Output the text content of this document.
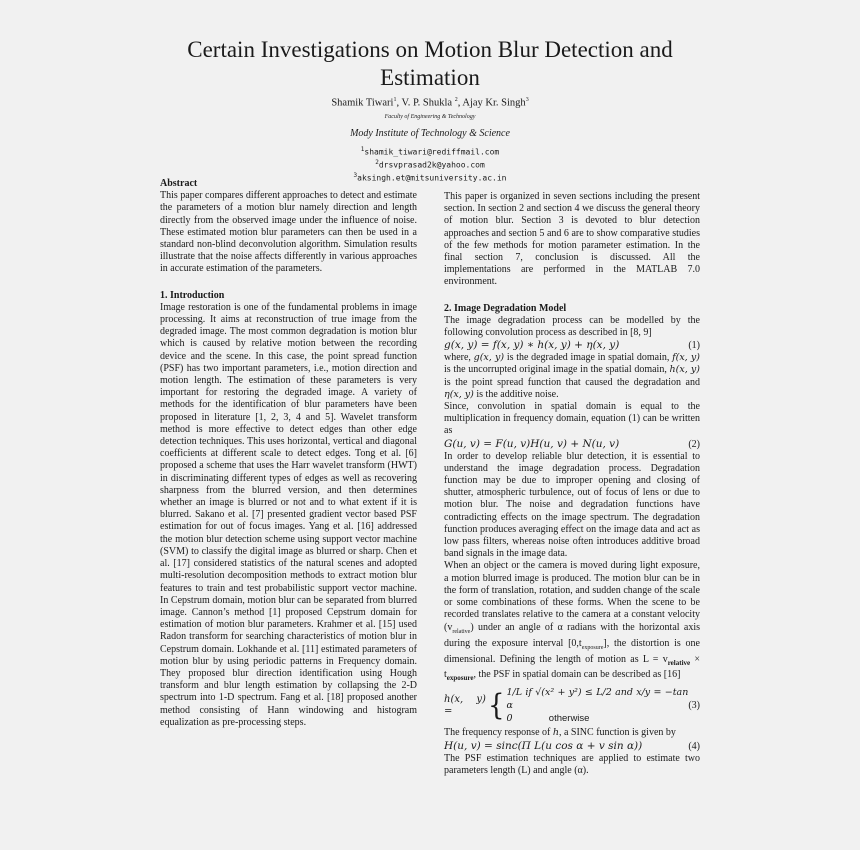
Certain Investigations on Motion Blur Detection and
Estimation
Shamik Tiwari$^1$, V. P. Shukla $^2$, Ajay Kr. Singh$^3$
Faculty of Engineering & Technology
Mody Institute of Technology & Science
$^1$shamik_tiwari@rediffmail.com
$^2$drsvprasad2k@yahoo.com
$^3$aksingh.et@mitsuniversity.ac.in

Abstract

This paper compares different approaches to detect and estimate the parameters of a motion blur namely direction and length directly from the observed image under the influence of noise. These estimated motion blur parameters can then be used in a standard non-blind deconvolution algorithm. Simulation results illustrate that the noise affects differently in various approaches in accurate estimation of the parameters.

1. Introduction

Image restoration is one of the fundamental problems in image processing. It aims at reconstruction of true image from the degraded image. The most common degradation is motion blur which is caused by relative motion between the recording device and the scene. In this case, the point spread function (PSF) has two important parameters, i.e., motion direction and motion length. The estimation of these parameters is very important for restoring the degraded image. A variety of methods for the identification of blur parameters have been proposed in literature [1, 2, 3, 4 and 5]. Wavelet transform method is more effective to detect edges than other edge detection techniques. This uses horizontal, vertical and diagonal coefficients at different scale to detect edges. Tong et al. [6] proposed a scheme that uses the Harr wavelet transform (HWT) in discriminating different types of edges as well as recovering sharpness from the blurred version, and then determines whether an image is blurred or not and to what extent if it is blurred. Sakano et al. [7] presented gradient vector based PSF estimation for out of focus images. Yang et al. [16] addressed the motion blur detection scheme using support vector machine (SVM) to classify the digital image as blurred or sharp. Chen et al. [17] considered statistics of the natural scenes and adopted multi-resolution decomposition methods to extract motion blur features to train and test probabilistic support vector machine. In Cepstrum domain, motion blur can be separated from blurred image. Cannon’s method [1] proposed Cepstrum domain for estimation of motion blur parameters. Krahmer et al. [15] used Radon transform for searching characteristics of motion blur in Cepstrum domain. Lokhande et al. [11] estimated parameters of motion blur by using periodic patterns in Frequency domain. They proposed blur direction identification using Hough transform and blur length estimation by collapsing the 2-D spectrum into 1-D spectrum. Fang et al. [18] proposed another method consisting of Hann windowing and histogram equalization as pre-processing steps.

This paper is organized in seven sections including the present section. In section 2 and section 4 we discuss the general theory of motion blur. Section 3 is devoted to blur detection approaches and section 5 and 6 are to show comparative studies of the few methods for motion parameter estimation. In the final section 7, conclusion is discussed. All the implementations are performed in the MATLAB 7.0 environment.

2. Image Degradation Model

The image degradation process can be modelled by the following convolution process as described in [8, 9]

g(x, y) = f(x, y) ∗ h(x, y) + η(x, y)	(1)

where, g(x, y) is the degraded image in spatial domain, f(x, y) is the uncorrupted original image in the spatial domain, h(x, y) is the point spread function that caused the degradation and η(x, y) is the additive noise.

Since, convolution in spatial domain is equal to the multiplication in frequency domain, equation (1) can be written as

G(u, v) = F(u, v)H(u, v) + N(u, v)	(2)

In order to develop reliable blur detection, it is essential to understand the image degradation process. Degradation function may be due to improper opening and closing of shutter, atmospheric turbulence, out of focus of lens or due to motion blur. The noise and degradation functions have contradicting effects on the image spectrum. The degradation function produces averaging effect on the image data and act as low pass filters, whereas noise often introduces additive broad band signals in the image data.

When an object or the camera is moved during light exposure, a motion blurred image is produced. The motion blur can be in the form of translation, rotation, and sudden change of the scale or some combinations of these forms. When the scene to be recorded translates relative to the camera at a constant velocity $(v_{relative})$ under an angle of α radians with the horizontal axis during the exposure interval $[0,t_{exposure}]$, the distortion is one dimensional. Defining the length of motion as $L = v_{relative} \times t_{exposure}$, the PSF in spatial domain can be described as [16]

h(x, y) =	{ 1/L if √(x² + y²) ≤ L/2 and x/y = −tan α
0	otherwise
(3)

The frequency response of h, a SINC function is given by

H(u, v) = sinc(Π L(u cos α + v sin α))	(4)

The PSF estimation techniques are applied to estimate two parameters length (L) and angle (α).
